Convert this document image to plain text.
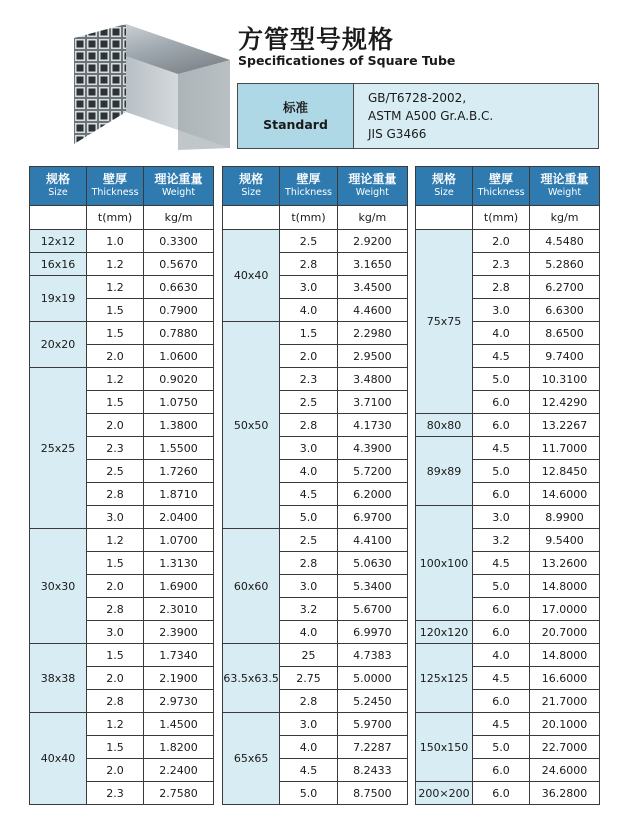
方管型号规格
Specificationes of Square Tube
标准
Standard

GB/T6728-2002,
ASTM A500 Gr.A.B.C.
JIS G3466
规格
Size	壁厚
Thickness	理论重量
Weight

	t(mm)	kg/m
12x12	1.0	0.3300
16x16	1.2	0.5670
19x19	1.2	0.6630
	1.5	0.7900
20x20	1.5	0.7880
	2.0	1.0600
25x25	1.2	0.9020
	1.5	1.0750
	2.0	1.3800
	2.3	1.5500
	2.5	1.7260
	2.8	1.8710
	3.0	2.0400
30x30	1.2	1.0700
	1.5	1.3130
	2.0	1.6900
	2.8	2.3010
	3.0	2.3900
38x38	1.5	1.7340
	2.0	2.1900
	2.8	2.9730
40x40	1.2	1.4500
	1.5	1.8200
	2.0	2.2400
	2.3	2.7580
规格
Size	壁厚
Thickness	理论重量
Weight

	t(mm)	kg/m
40x40	2.5	2.9200
	2.8	3.1650
	3.0	3.4500
	4.0	4.4600
50x50	1.5	2.2980
	2.0	2.9500
	2.3	3.4800
	2.5	3.7100
	2.8	4.1730
	3.0	4.3900
	4.0	5.7200
	4.5	6.2000
	5.0	6.9700
60x60	2.5	4.4100
	2.8	5.0630
	3.0	5.3400
	3.2	5.6700
	4.0	6.9970
63.5x63.5	25	4.7383
	2.75	5.0000
	2.8	5.2450
65x65	3.0	5.9700
	4.0	7.2287
	4.5	8.2433
	5.0	8.7500
规格
Size	壁厚
Thickness	理论重量
Weight

	t(mm)	kg/m
75x75	2.0	4.5480
	2.3	5.2860
	2.8	6.2700
	3.0	6.6300
	4.0	8.6500
	4.5	9.7400
	5.0	10.3100
	6.0	12.4290
80x80	6.0	13.2267
89x89	4.5	11.7000
	5.0	12.8450
	6.0	14.6000
100x100	3.0	8.9900
	3.2	9.5400
	4.5	13.2600
	5.0	14.8000
	6.0	17.0000
120x120	6.0	20.7000
125x125	4.0	14.8000
	4.5	16.6000
	6.0	21.7000
150x150	4.5	20.1000
	5.0	22.7000
	6.0	24.6000
200×200	6.0	36.2800
